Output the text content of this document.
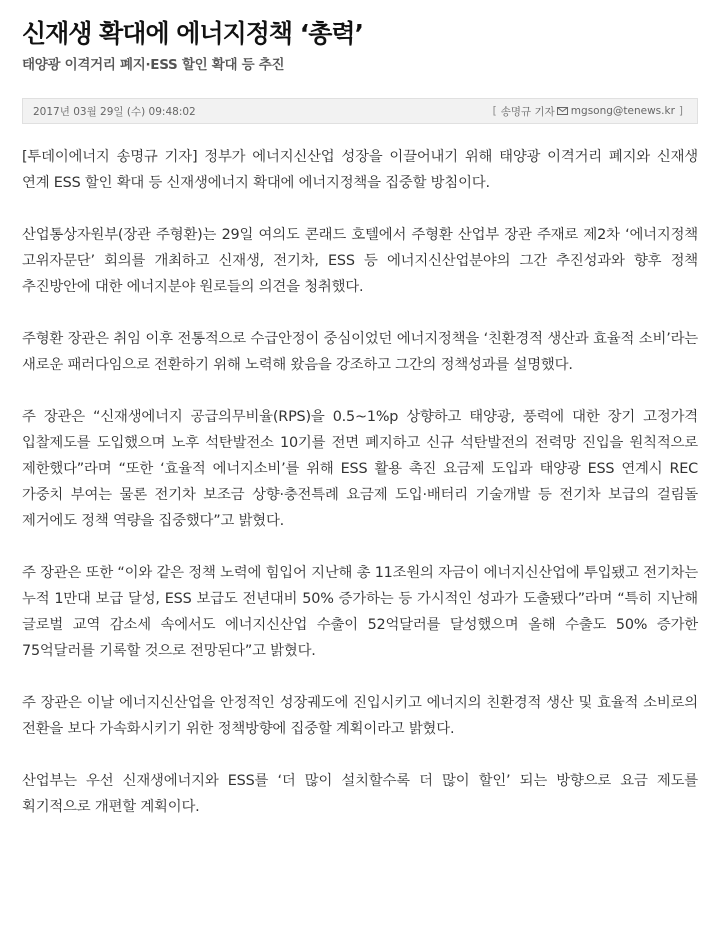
신재생 확대에 에너지정책 ‘총력’
태양광 이격거리 폐지·ESS 할인 확대 등 추진
2017년 03월 29일 (수) 09:48:02	[ 송명규 기자 mgsong@tenews.kr ]

[투데이에너지 송명규 기자] 정부가 에너지신산업 성장을 이끌어내기 위해 태양광 이격거리 폐지와 신재생 연계 ESS 할인 확대 등 신재생에너지 확대에 에너지정책을 집중할 방침이다.

산업통상자원부(장관 주형환)는 29일 여의도 콘래드 호텔에서 주형환 산업부 장관 주재로 제2차 ‘에너지정책 고위자문단’ 회의를 개최하고 신재생, 전기차, ESS 등 에너지신산업분야의 그간 추진성과와 향후 정책 추진방안에 대한 에너지분야 원로들의 의견을 청취했다.

주형환 장관은 취임 이후 전통적으로 수급안정이 중심이었던 에너지정책을 ‘친환경적 생산과 효율적 소비’라는 새로운 패러다임으로 전환하기 위해 노력해 왔음을 강조하고 그간의 정책성과를 설명했다.

주 장관은 “신재생에너지 공급의무비율(RPS)을 0.5~1%p 상향하고 태양광, 풍력에 대한 장기 고정가격 입찰제도를 도입했으며 노후 석탄발전소 10기를 전면 폐지하고 신규 석탄발전의 전력망 진입을 원칙적으로 제한했다”라며 “또한 ‘효율적 에너지소비’를 위해 ESS 활용 촉진 요금제 도입과 태양광 ESS 연계시 REC 가중치 부여는 물론 전기차 보조금 상향·충전특례 요금제 도입·배터리 기술개발 등 전기차 보급의 걸림돌 제거에도 정책 역량을 집중했다”고 밝혔다.

주 장관은 또한 “이와 같은 정책 노력에 힘입어 지난해 총 11조원의 자금이 에너지신산업에 투입됐고 전기차는 누적 1만대 보급 달성, ESS 보급도 전년대비 50% 증가하는 등 가시적인 성과가 도출됐다”라며 “특히 지난해 글로벌 교역 감소세 속에서도 에너지신산업 수출이 52억달러를 달성했으며 올해 수출도 50% 증가한 75억달러를 기록할 것으로 전망된다”고 밝혔다.

주 장관은 이날 에너지신산업을 안정적인 성장궤도에 진입시키고 에너지의 친환경적 생산 및 효율적 소비로의 전환을 보다 가속화시키기 위한 정책방향에 집중할 계획이라고 밝혔다.

산업부는 우선 신재생에너지와 ESS를 ‘더 많이 설치할수록 더 많이 할인’ 되는 방향으로 요금 제도를 획기적으로 개편할 계획이다.
